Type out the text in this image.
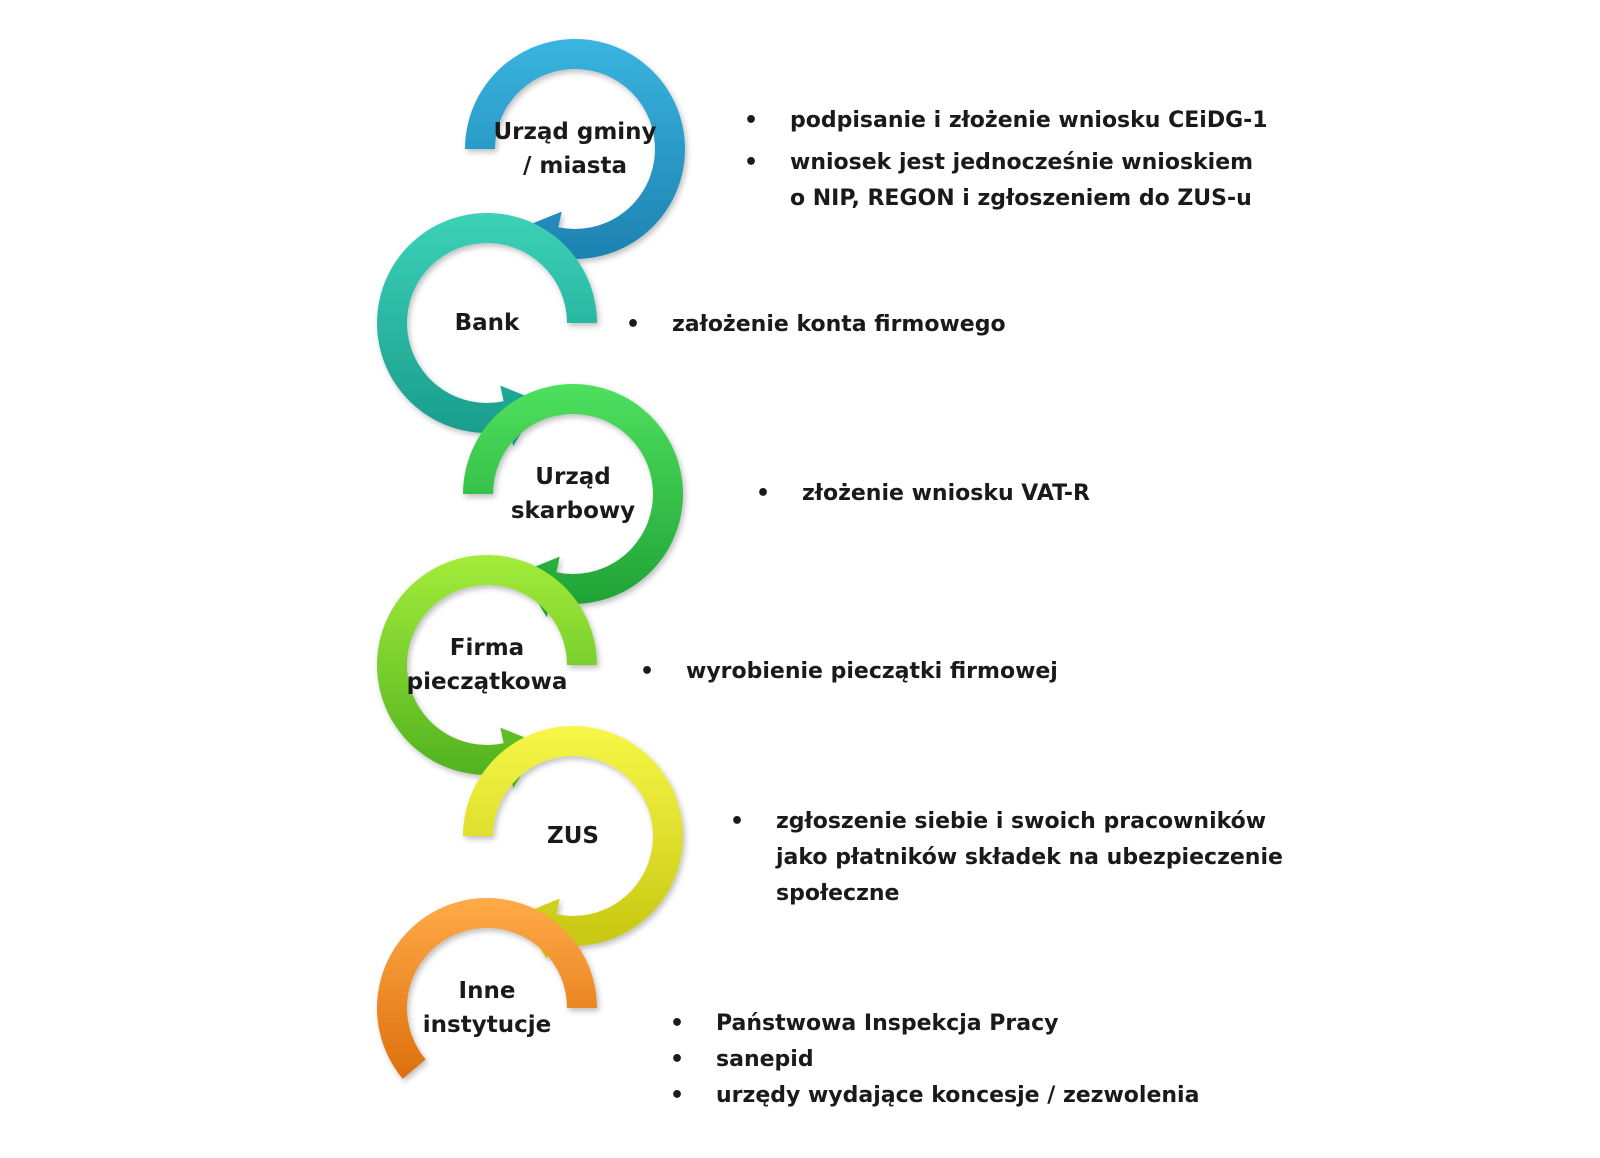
Urząd gminy
/ miasta
Bank
Urząd
skarbowy
Firma
pieczątkowa
ZUS
Inne
instytucje
• podpisanie i złożenie wniosku CEiDG-1
• wniosek jest jednocześnie wnioskiem
o NIP, REGON i zgłoszeniem do ZUS-u
• założenie konta firmowego
• złożenie wniosku VAT-R
• wyrobienie pieczątki firmowej
• zgłoszenie siebie i swoich pracowników
jako płatników składek na ubezpieczenie
społeczne
• Państwowa Inspekcja Pracy
• sanepid
• urzędy wydające koncesje / zezwolenia
